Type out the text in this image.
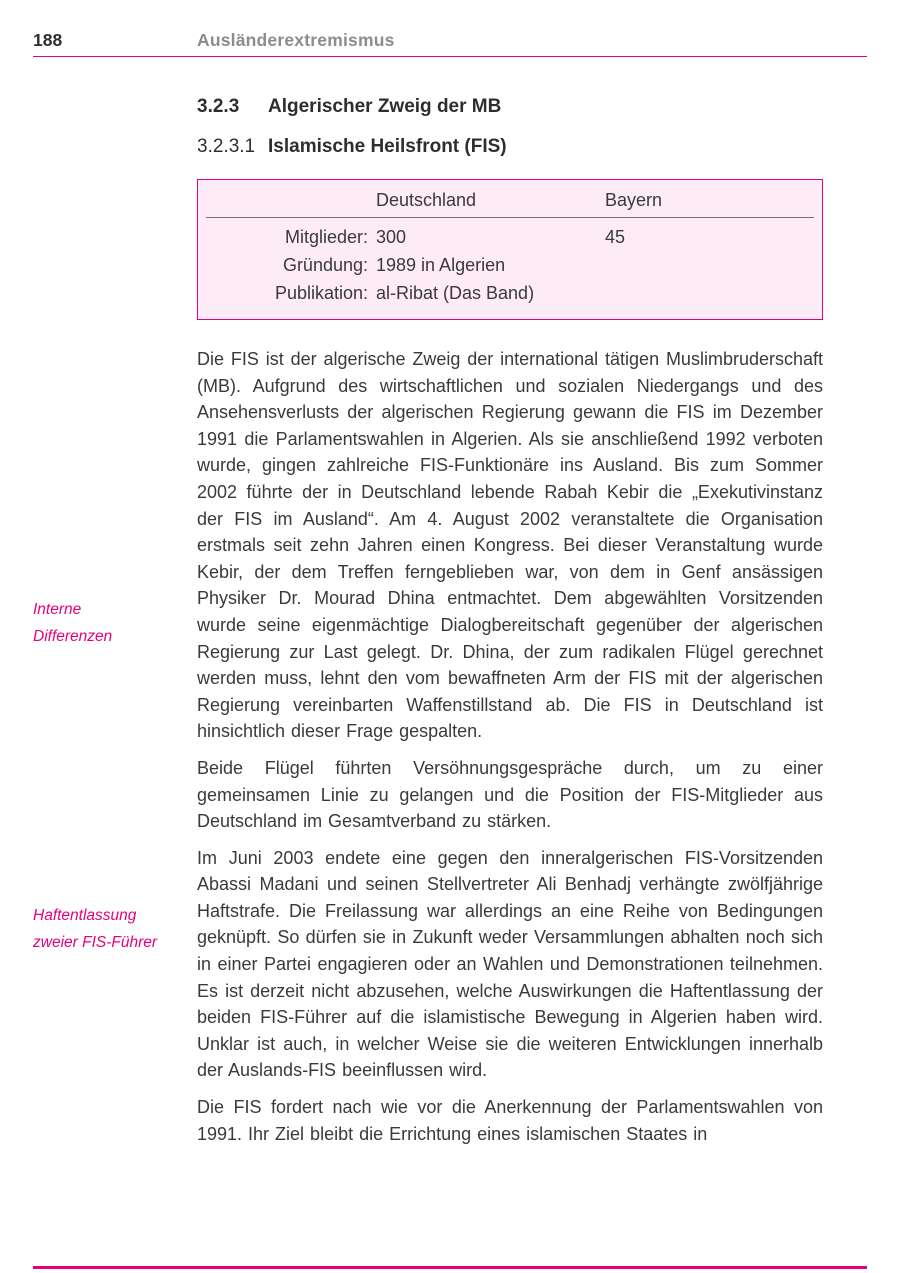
188	Ausländerextremismus
3.2.3 Algerischer Zweig der MB
3.2.3.1 Islamische Heilsfront (FIS)
	Deutschland	Bayern
Mitglieder:	300	45
Gründung:	1989 in Algerien	
Publikation:	al-Ribat (Das Band)	

Die FIS ist der algerische Zweig der international tätigen Muslimbruderschaft (MB). Aufgrund des wirtschaftlichen und sozialen Niedergangs und des Ansehensverlusts der algerischen Regierung gewann die FIS im Dezember 1991 die Parlamentswahlen in Algerien. Als sie anschließend 1992 verboten wurde, gingen zahlreiche FIS-Funktionäre ins Ausland. Bis zum Sommer 2002 führte der in Deutschland lebende Rabah Kebir die „Exekutivinstanz der FIS im Ausland“. Am 4. August 2002 veranstaltete die Organisation erstmals seit zehn Jahren einen Kongress. Bei dieser Veranstaltung wurde Kebir, der dem Treffen ferngeblieben war, von dem in Genf ansässigen Physiker Dr. Mourad Dhina entmachtet. Dem abgewählten Vorsitzenden wurde seine eigenmächtige Dialogbereitschaft gegenüber der algerischen Regierung zur Last gelegt. Dr. Dhina, der zum radikalen Flügel gerechnet werden muss, lehnt den vom bewaffneten Arm der FIS mit der algerischen Regierung vereinbarten Waffenstillstand ab. Die FIS in Deutschland ist hinsichtlich dieser Frage gespalten.

Beide Flügel führten Versöhnungsgespräche durch, um zu einer gemeinsamen Linie zu gelangen und die Position der FIS-Mitglieder aus Deutschland im Gesamtverband zu stärken.

Im Juni 2003 endete eine gegen den inneralgerischen FIS-Vorsitzenden Abassi Madani und seinen Stellvertreter Ali Benhadj verhängte zwölfjährige Haftstrafe. Die Freilassung war allerdings an eine Reihe von Bedingungen geknüpft. So dürfen sie in Zukunft weder Versammlungen abhalten noch sich in einer Partei engagieren oder an Wahlen und Demonstrationen teilnehmen. Es ist derzeit nicht abzusehen, welche Auswirkungen die Haftentlassung der beiden FIS-Führer auf die islamistische Bewegung in Algerien haben wird. Unklar ist auch, in welcher Weise sie die weiteren Entwicklungen innerhalb der Auslands-FIS beeinflussen wird.

Die FIS fordert nach wie vor die Anerkennung der Parlamentswahlen von 1991. Ihr Ziel bleibt die Errichtung eines islamischen Staates in

Interne
Differenzen
Haftentlassung
zweier FIS-Führer
